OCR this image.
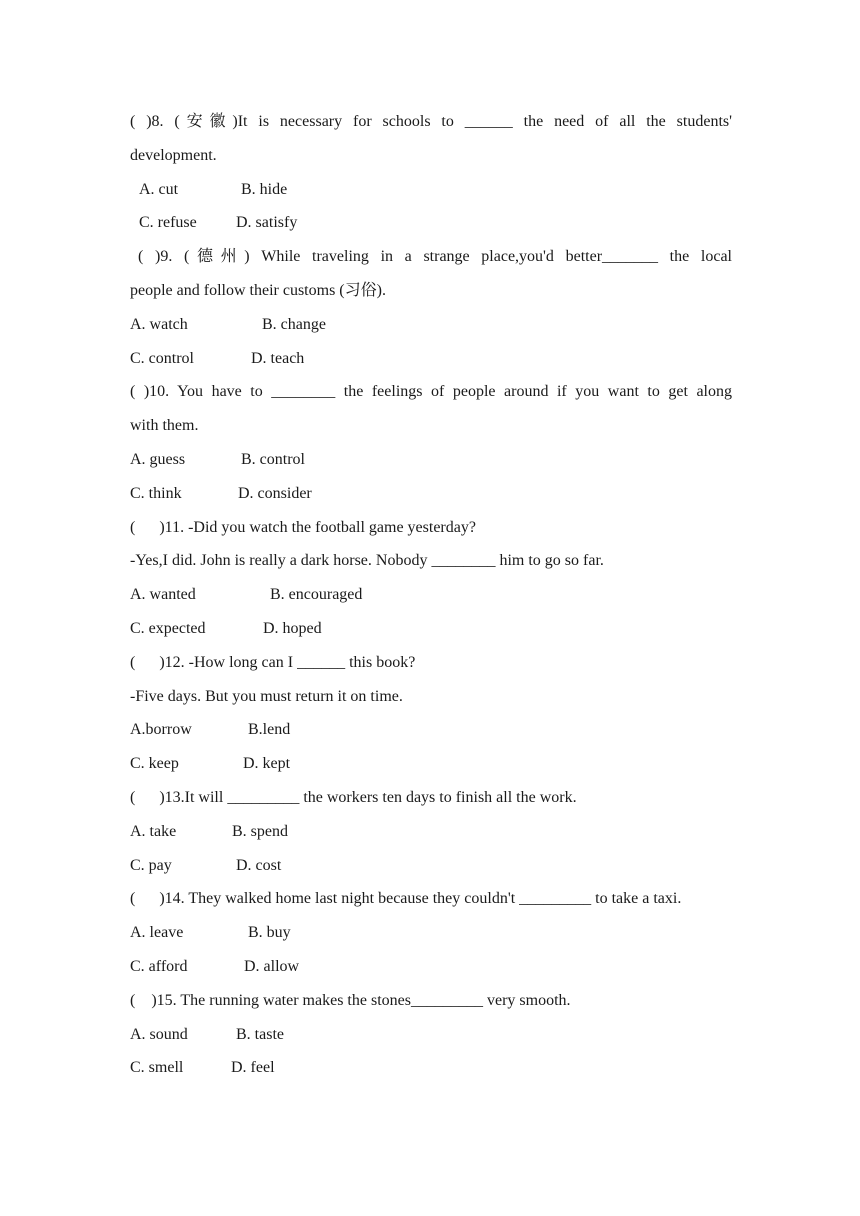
( )8. (安徽)It is necessary for schools to ______ the need of all the students'
development.
A. cut	B. hide
C. refuse D. satisfy
( )9. (德州) While traveling in a strange place,you'd better_______ the local
people and follow their customs (习俗).
A. watch	B. change
C. control	D. teach
( )10. You have to ________ the feelings of people around if you want to get along
with them.
A. guess	B. control
C. think	D. consider
(      )11. -Did you watch the football game yesterday?
-Yes,I did. John is really a dark horse. Nobody ________ him to go so far.
A. wanted	B. encouraged
C. expected	D. hoped
(      )12. -How long can I ______ this book?
-Five days. But you must return it on time.
A.borrow	B.lend
C. keep	D. kept
(      )13.It will _________ the workers ten days to finish all the work.
A. take	B. spend
C. pay	D. cost
(      )14. They walked home last night because they couldn't _________ to take a taxi.
A. leave	B. buy
C. afford	D. allow
(    )15. The running water makes the stones_________ very smooth.
A. sound	B. taste
C. smell	D. feel
